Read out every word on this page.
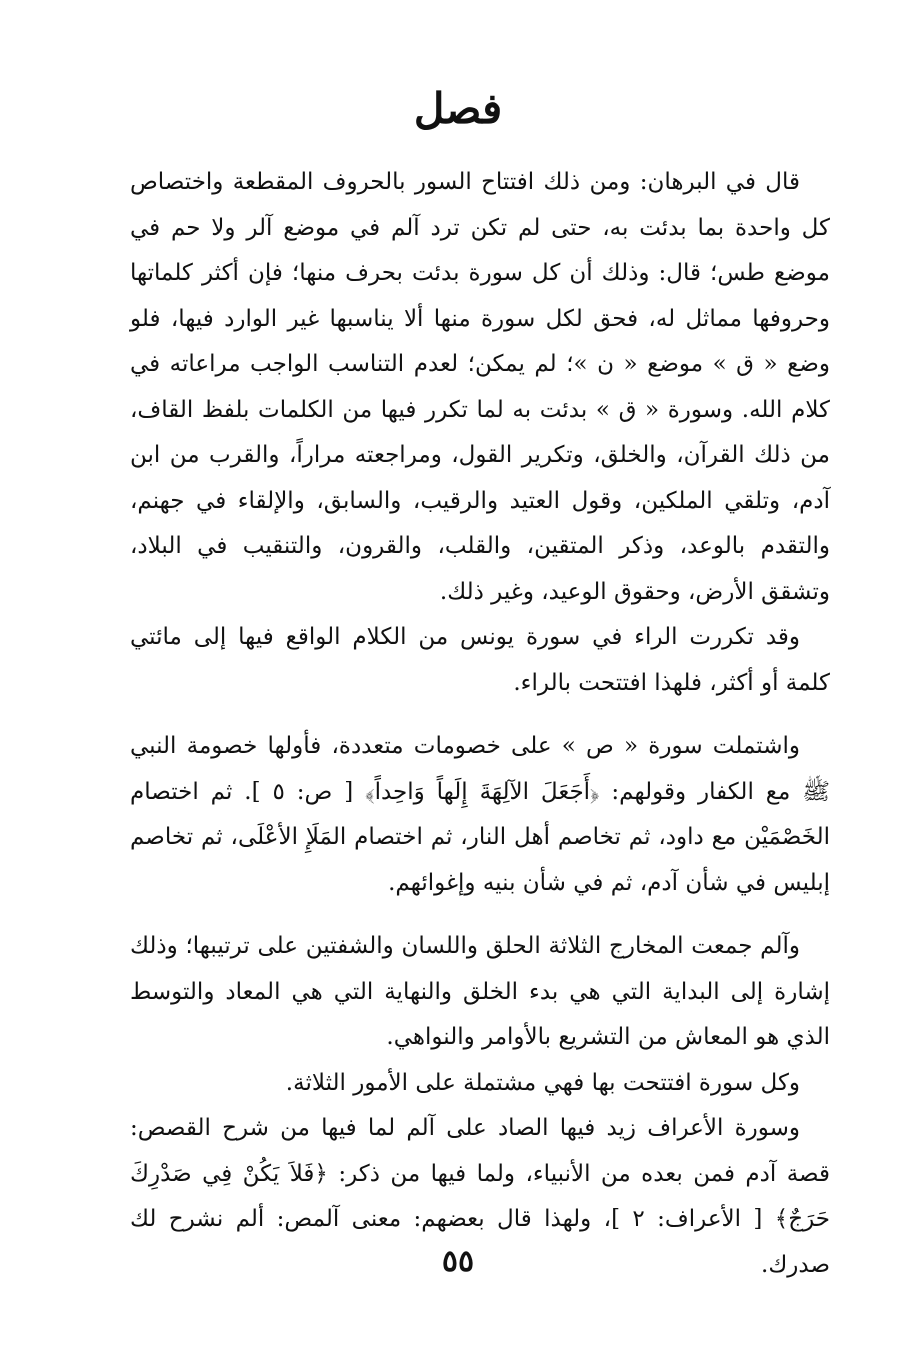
فصل

قال في البرهان: ومن ذلك افتتاح السور بالحروف المقطعة واختصاص كل واحدة بما بدئت به، حتى لم تكن ترد آلم في موضع آلر ولا حم في موضع طس؛ قال: وذلك أن كل سورة بدئت بحرف منها؛ فإن أكثر كلماتها وحروفها مماثل له، فحق لكل سورة منها ألا يناسبها غير الوارد فيها، فلو وضع « ق » موضع « ن »؛ لم يمكن؛ لعدم التناسب الواجب مراعاته في كلام الله. وسورة « ق » بدئت به لما تكرر فيها من الكلمات بلفظ القاف، من ذلك القرآن، والخلق، وتكرير القول، ومراجعته مراراً، والقرب من ابن آدم، وتلقي الملكين، وقول العتيد والرقيب، والسابق، والإلقاء في جهنم، والتقدم بالوعد، وذكر المتقين، والقلب، والقرون، والتنقيب في البلاد، وتشقق الأرض، وحقوق الوعيد، وغير ذلك.

وقد تكررت الراء في سورة يونس من الكلام الواقع فيها إلى مائتي كلمة أو أكثر، فلهذا افتتحت بالراء.

واشتملت سورة « ص » على خصومات متعددة، فأولها خصومة النبي ﷺ مع الكفار وقولهم: ﴿أَجَعَلَ الآلِهَةَ إِلَهاً وَاحِداً﴾ [ ص: ٥ ]. ثم اختصام الخَصْمَيْن مع داود، ثم تخاصم أهل النار، ثم اختصام المَلَإِ الأعْلَى، ثم تخاصم إبليس في شأن آدم، ثم في شأن بنيه وإغوائهم.

وآلم جمعت المخارج الثلاثة الحلق واللسان والشفتين على ترتيبها؛ وذلك إشارة إلى البداية التي هي بدء الخلق والنهاية التي هي المعاد والتوسط الذي هو المعاش من التشريع بالأوامر والنواهي.

وكل سورة افتتحت بها فهي مشتملة على الأمور الثلاثة.

وسورة الأعراف زيد فيها الصاد على آلم لما فيها من شرح القصص: قصة آدم فمن بعده من الأنبياء، ولما فيها من ذكر: ﴿فَلاَ يَكُنْ فِي صَدْرِكَ حَرَجٌ﴾ [ الأعراف: ٢ ]، ولهذا قال بعضهم: معنى آلمص: ألم نشرح لك صدرك.

٥٥
